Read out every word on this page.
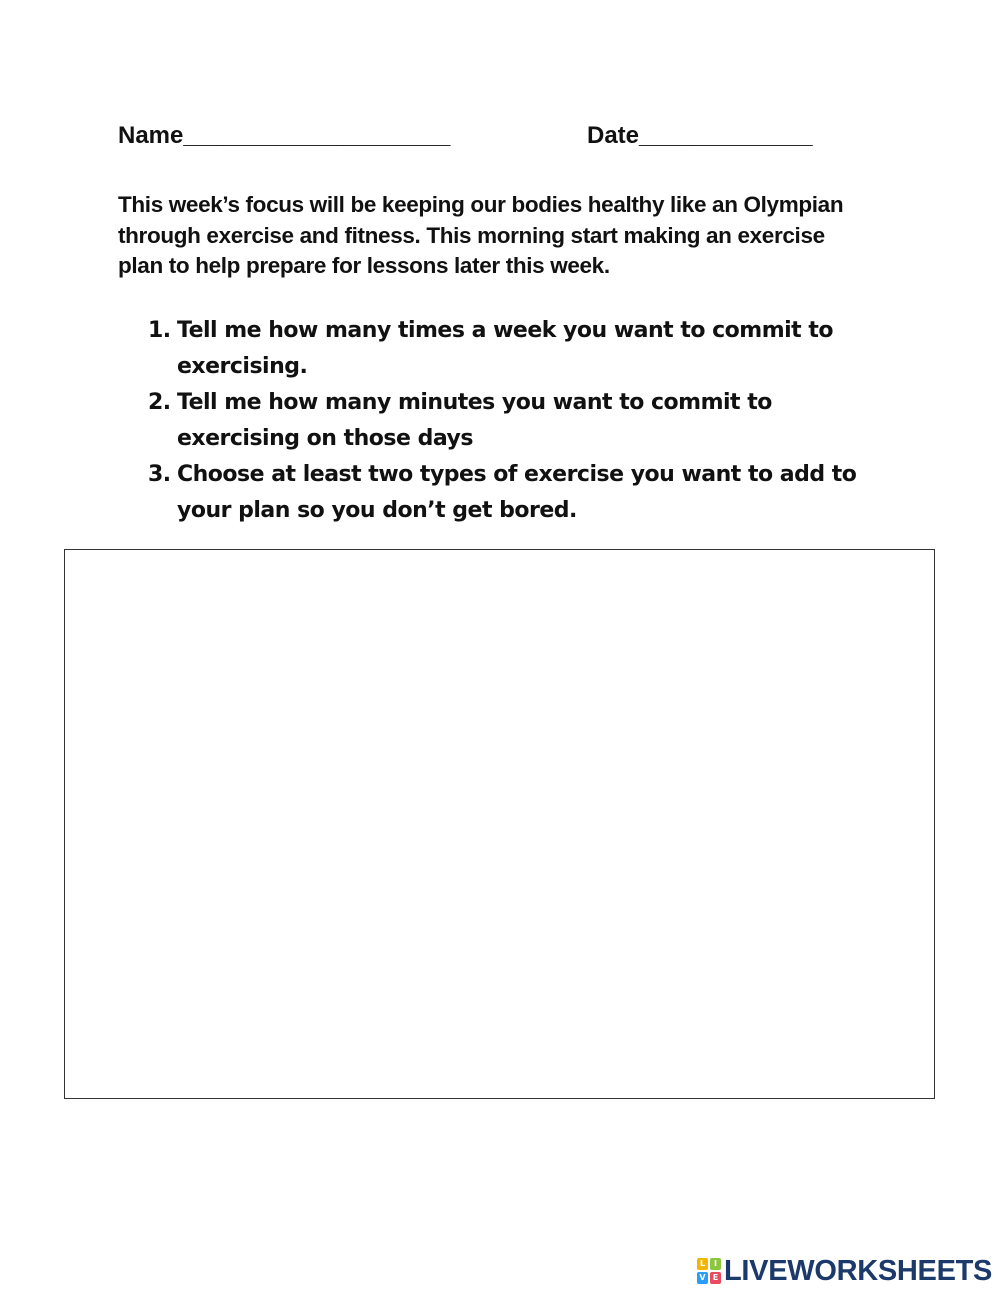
Name____________________	Date_____________
This week’s focus will be keeping our bodies healthy like an Olympian through exercise and fitness. This morning start making an exercise plan to help prepare for lessons later this week.
1. Tell me how many times a week you want to commit to exercising.
2. Tell me how many minutes you want to commit to exercising on those days
3. Choose at least two types of exercise you want to add to your plan so you don’t get bored.
L	I
V E LIVEWORKSHEETS
